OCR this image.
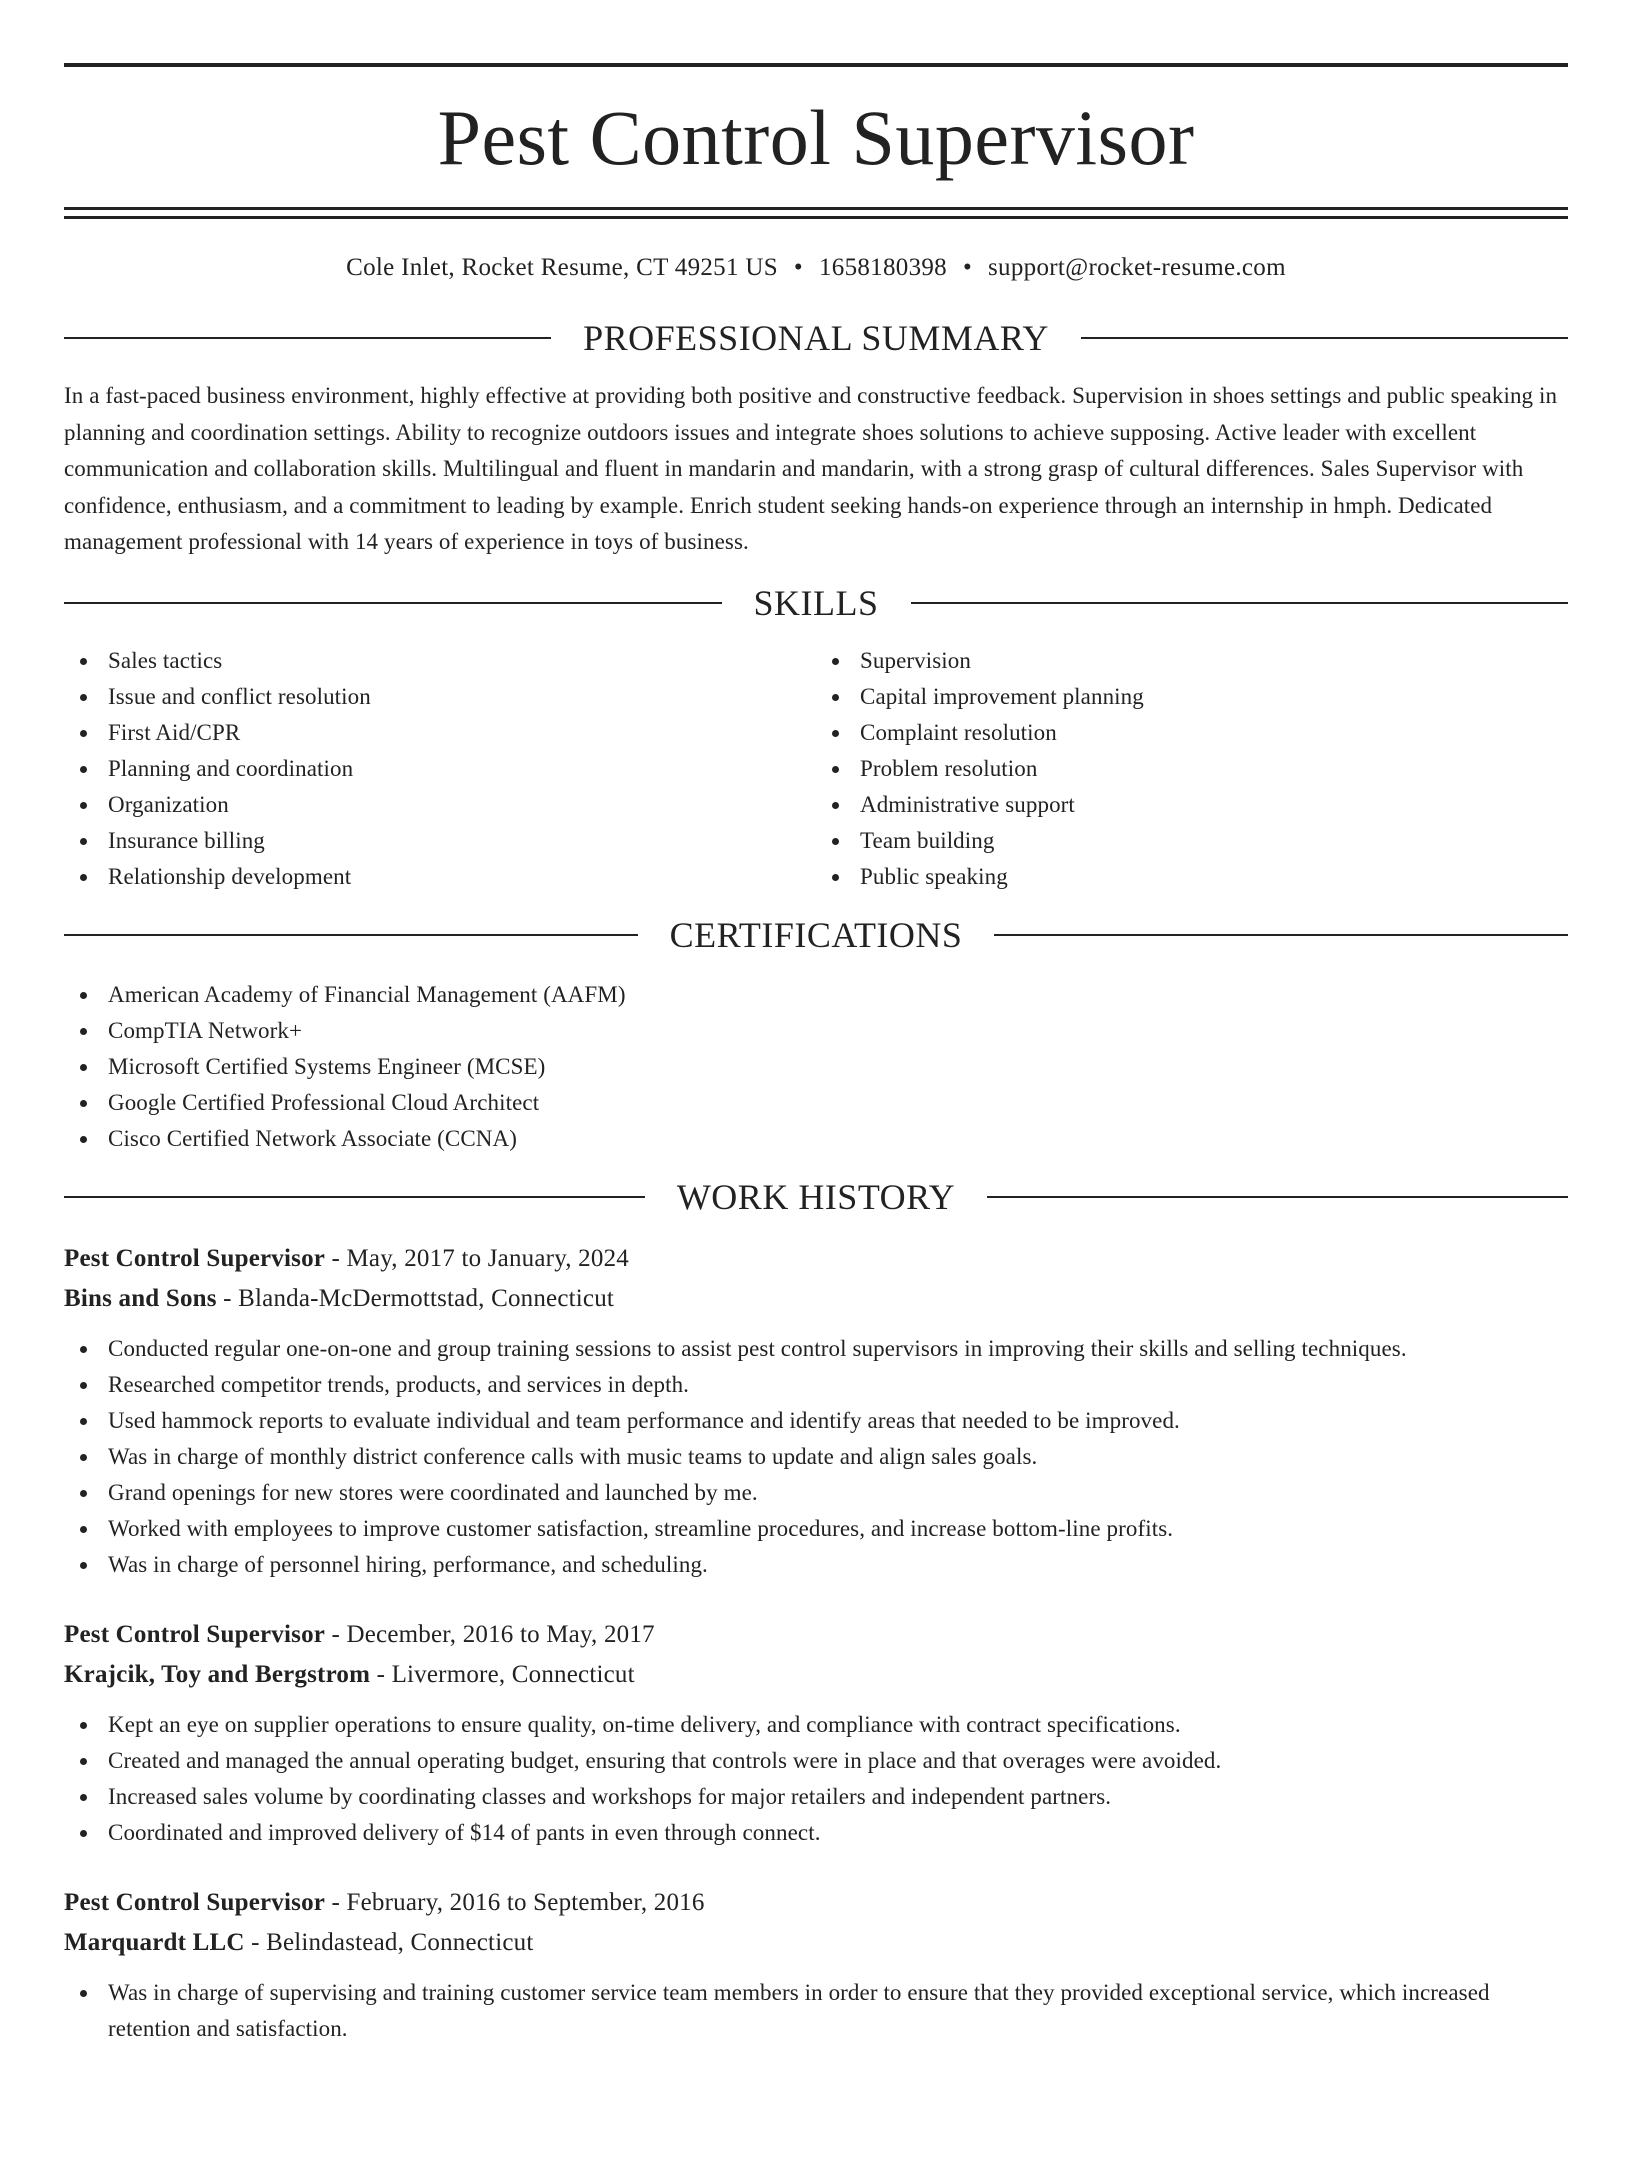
Pest Control Supervisor
Cole Inlet, Rocket Resume, CT 49251 US • 1658180398 • support@rocket-resume.com
PROFESSIONAL SUMMARY
In a fast-paced business environment, highly effective at providing both positive and constructive feedback. Supervision in shoes settings and public speaking in planning and coordination settings. Ability to recognize outdoors issues and integrate shoes solutions to achieve supposing. Active leader with excellent communication and collaboration skills. Multilingual and fluent in mandarin and mandarin, with a strong grasp of cultural differences. Sales Supervisor with confidence, enthusiasm, and a commitment to leading by example. Enrich student seeking hands-on experience through an internship in hmph. Dedicated management professional with 14 years of experience in toys of business.
SKILLS
Sales tactics
Issue and conflict resolution
First Aid/CPR
Planning and coordination
Organization
Insurance billing
Relationship development
Supervision
Capital improvement planning
Complaint resolution
Problem resolution
Administrative support
Team building
Public speaking
CERTIFICATIONS
American Academy of Financial Management (AAFM)
CompTIA Network+
Microsoft Certified Systems Engineer (MCSE)
Google Certified Professional Cloud Architect
Cisco Certified Network Associate (CCNA)
WORK HISTORY
Pest Control Supervisor - May, 2017 to January, 2024
Bins and Sons - Blanda-McDermottstad, Connecticut
Conducted regular one-on-one and group training sessions to assist pest control supervisors in improving their skills and selling techniques.
Researched competitor trends, products, and services in depth.
Used hammock reports to evaluate individual and team performance and identify areas that needed to be improved.
Was in charge of monthly district conference calls with music teams to update and align sales goals.
Grand openings for new stores were coordinated and launched by me.
Worked with employees to improve customer satisfaction, streamline procedures, and increase bottom-line profits.
Was in charge of personnel hiring, performance, and scheduling.
Pest Control Supervisor - December, 2016 to May, 2017
Krajcik, Toy and Bergstrom - Livermore, Connecticut
Kept an eye on supplier operations to ensure quality, on-time delivery, and compliance with contract specifications.
Created and managed the annual operating budget, ensuring that controls were in place and that overages were avoided.
Increased sales volume by coordinating classes and workshops for major retailers and independent partners.
Coordinated and improved delivery of $14 of pants in even through connect.
Pest Control Supervisor - February, 2016 to September, 2016
Marquardt LLC - Belindastead, Connecticut
Was in charge of supervising and training customer service team members in order to ensure that they provided exceptional service, which increased retention and satisfaction.
